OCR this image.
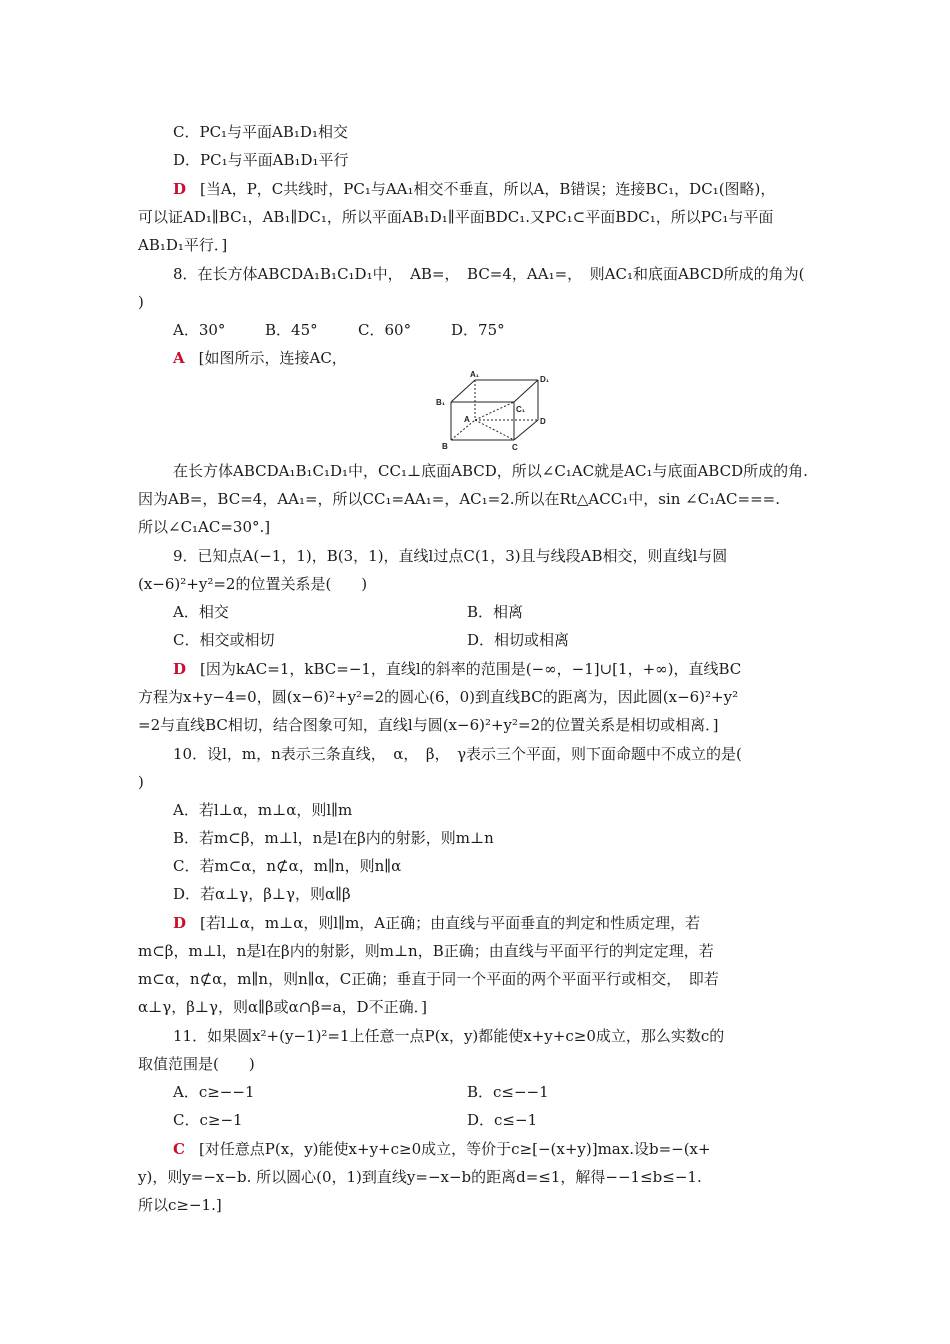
C．PC₁与平面AB₁D₁相交
D．PC₁与平面AB₁D₁平行
D [当A，P，C共线时，PC₁与AA₁相交不垂直，所以A，B错误；连接BC₁，DC₁(图略)，
可以证AD₁∥BC₁，AB₁∥DC₁，所以平面AB₁D₁∥平面BDC₁.又PC₁⊂平面BDC₁，所以PC₁与平面
AB₁D₁平行．]
8．在长方体ABCDA₁B₁C₁D₁中，　AB=，　BC=4，AA₁=，　则AC₁和底面ABCD所成的角为(
)
A．30°	B．45°	C．60°	D．75°
A [如图所示，连接AC，
A₁
D₁
B₁
C₁
A	D
B	C
在长方体ABCDA₁B₁C₁D₁中，CC₁⊥底面ABCD，所以∠C₁AC就是AC₁与底面ABCD所成的角.
因为AB=，BC=4，AA₁=，所以CC₁=AA₁=，AC₁=2.所以在Rt△ACC₁中，sin ∠C₁AC===.
所以∠C₁AC=30°.]
9．已知点A(−1，1)，B(3，1)，直线l过点C(1，3)且与线段AB相交，则直线l与圆
(x−6)²+y²=2的位置关系是(　　)
A．相交	B．相离
C．相交或相切	D．相切或相离
D [因为kAC=1，kBC=−1，直线l的斜率的范围是(−∞，−1]∪[1，+∞)，直线BC
方程为x+y−4=0，圆(x−6)²+y²=2的圆心(6，0)到直线BC的距离为，因此圆(x−6)²+y²
=2与直线BC相切，结合图象可知，直线l与圆(x−6)²+y²=2的位置关系是相切或相离．]
10．设l，m，n表示三条直线，　α，　β，　γ表示三个平面，则下面命题中不成立的是(
)
A．若l⊥α，m⊥α，则l∥m
B．若m⊂β，m⊥l，n是l在β内的射影，则m⊥n
C．若m⊂α，n⊄α，m∥n，则n∥α
D．若α⊥γ，β⊥γ，则α∥β
D [若l⊥α，m⊥α，则l∥m，A正确；由直线与平面垂直的判定和性质定理，若
m⊂β，m⊥l，n是l在β内的射影，则m⊥n，B正确；由直线与平面平行的判定定理，若
m⊂α，n⊄α，m∥n，则n∥α，C正确；垂直于同一个平面的两个平面平行或相交，　即若
α⊥γ，β⊥γ，则α∥β或α∩β=a，D不正确．]
11．如果圆x²+(y−1)²=1上任意一点P(x，y)都能使x+y+c≥0成立，那么实数c的
取值范围是(　　)
A．c≥−−1	B．c≤−−1
C．c≥−1	D．c≤−1
C [对任意点P(x，y)能使x+y+c≥0成立，等价于c≥[−(x+y)]max.设b=−(x+
y)，则y=−x−b. 所以圆心(0，1)到直线y=−x−b的距离d=≤1，解得−−1≤b≤−1.
所以c≥−1.]
